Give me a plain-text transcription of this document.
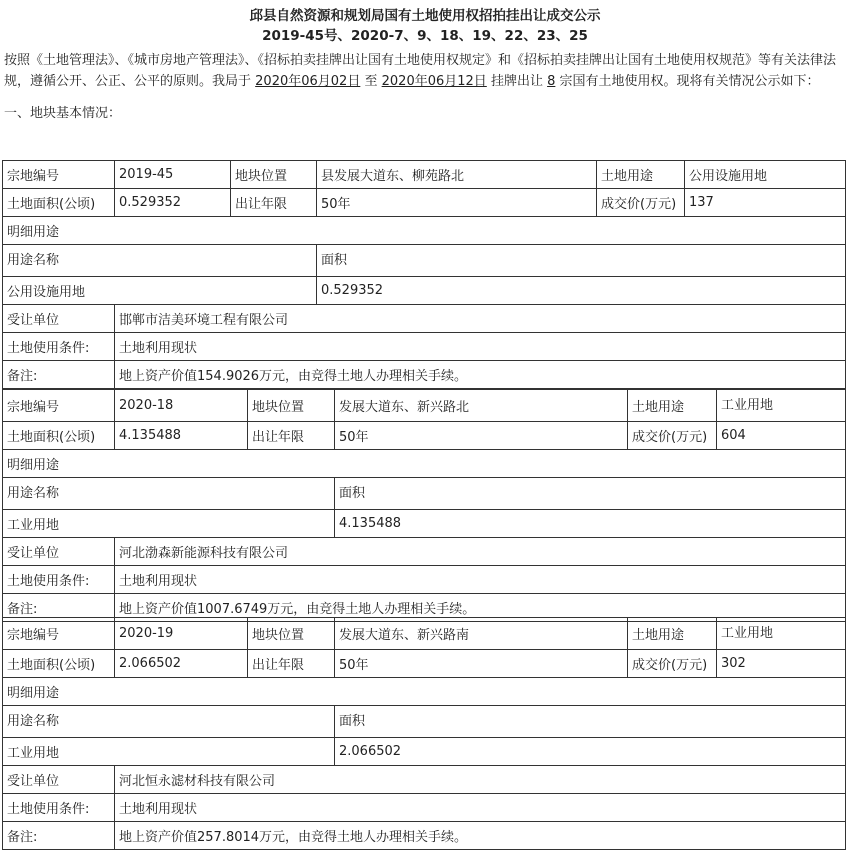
邱县自然资源和规划局国有土地使用权招拍挂出让成交公示
2019-45号、2020-7、9、18、19、22、23、25
按照《土地管理法》、《城市房地产管理法》、《招标拍卖挂牌出让国有土地使用权规定》和《招标拍卖挂牌出让国有土地使用权规范》等有关法律法规，遵循公开、公正、公平的原则。我局于 2020年06月02日 至 2020年06月12日 挂牌出让 8 宗国有土地使用权。现将有关情况公示如下：
一、地块基本情况：
宗地编号	2019-45	地块位置	县发展大道东、柳苑路北	土地用途	公用设施用地
土地面积(公顷)	0.529352	出让年限	50年	成交价(万元)	137
明细用途					
用途名称			面积		
公用设施用地			0.529352		
受让单位	邯郸市洁美环境工程有限公司				
土地使用条件:	土地利用现状				
备注:	地上资产价值154.9026万元，由竞得土地人办理相关手续。				
宗地编号	2020-18	地块位置	发展大道东、新兴路北	土地用途	工业用地
土地面积(公顷)	4.135488	出让年限	50年	成交价(万元)	604
明细用途					
用途名称			面积		
工业用地			4.135488		
受让单位	河北渤森新能源科技有限公司				
土地使用条件:	土地利用现状				
备注:	地上资产价值1007.6749万元，由竞得土地人办理相关手续。				
宗地编号	2020-19	地块位置	发展大道东、新兴路南	土地用途	工业用地
土地面积(公顷)	2.066502	出让年限	50年	成交价(万元)	302
明细用途					
用途名称			面积		
工业用地			2.066502		
受让单位	河北恒永滤材科技有限公司				
土地使用条件:	土地利用现状				
备注:	地上资产价值257.8014万元，由竞得土地人办理相关手续。				
